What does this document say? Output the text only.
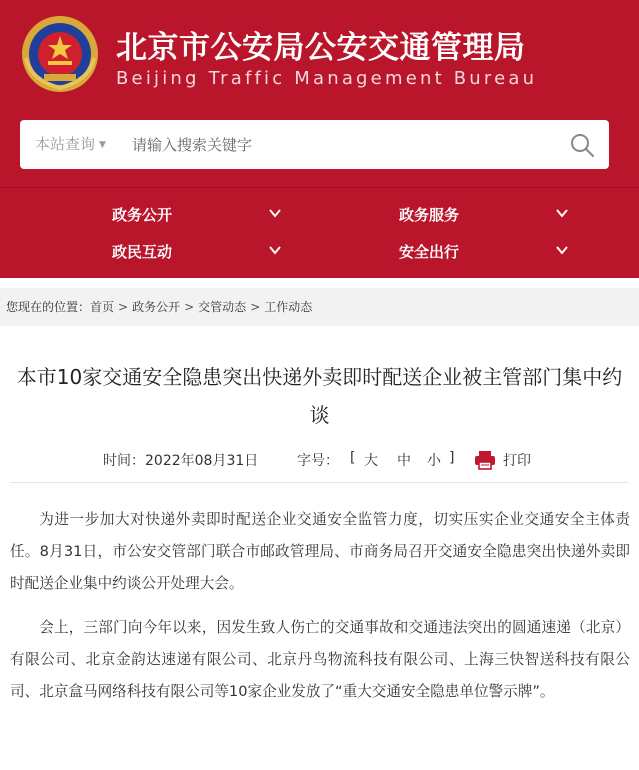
北京市公安局公安交通管理局
Beijing Traffic Management Bureau
本站查询 ▼
请输入搜索关键字
政务公开	政务服务
政民互动	安全出行
您现在的位置：首页 > 政务公开 > 交管动态 > 工作动态
本市10家交通安全隐患突出快递外卖即时配送企业被主管部门集中约谈
时间：2022年08月31日	字号： [ 大 中 小 ]	打印

为进一步加大对快递外卖即时配送企业交通安全监管力度，切实压实企业交通安全主体责任。8月31日，市公安交管部门联合市邮政管理局、市商务局召开交通安全隐患突出快递外卖即时配送企业集中约谈公开处理大会。

会上，三部门向今年以来，因发生致人伤亡的交通事故和交通违法突出的圆通速递（北京）有限公司、北京金韵达速递有限公司、北京丹鸟物流科技有限公司、上海三快智送科技有限公司、北京盒马网络科技有限公司等10家企业发放了“重大交通安全隐患单位警示牌”。
